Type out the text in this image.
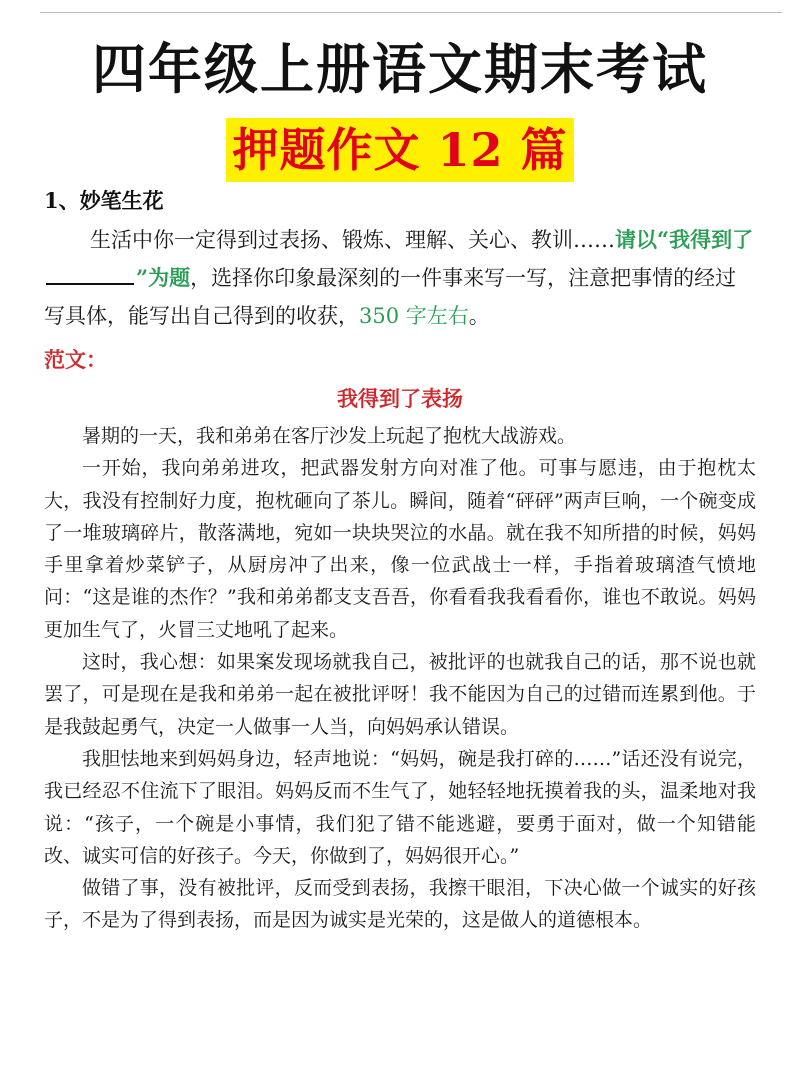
四年级上册语文期末考试
押题作文 12 篇
1、妙笔生花

生活中你一定得到过表扬、锻炼、理解、关心、教训……请以“我得到了”为题，选择你印象最深刻的一件事来写一写，注意把事情的经过写具体，能写出自己得到的收获，350 字左右。

范文：
我得到了表扬

暑期的一天，我和弟弟在客厅沙发上玩起了抱枕大战游戏。

一开始，我向弟弟进攻，把武器发射方向对准了他。可事与愿违，由于抱枕太大，我没有控制好力度，抱枕砸向了茶儿。瞬间，随着“砰砰”两声巨响，一个碗变成了一堆玻璃碎片，散落满地，宛如一块块哭泣的水晶。就在我不知所措的时候，妈妈手里拿着炒菜铲子，从厨房冲了出来，像一位武战士一样，手指着玻璃渣气愤地问：“这是谁的杰作？”我和弟弟都支支吾吾，你看看我我看看你，谁也不敢说。妈妈更加生气了，火冒三丈地吼了起来。

这时，我心想：如果案发现场就我自己，被批评的也就我自己的话，那不说也就罢了，可是现在是我和弟弟一起在被批评呀！我不能因为自己的过错而连累到他。于是我鼓起勇气，决定一人做事一人当，向妈妈承认错误。

我胆怯地来到妈妈身边，轻声地说：“妈妈，碗是我打碎的……”话还没有说完，我已经忍不住流下了眼泪。妈妈反而不生气了，她轻轻地抚摸着我的头，温柔地对我说：“孩子，一个碗是小事情，我们犯了错不能逃避，要勇于面对，做一个知错能改、诚实可信的好孩子。今天，你做到了，妈妈很开心。”

做错了事，没有被批评，反而受到表扬，我擦干眼泪，下决心做一个诚实的好孩子，不是为了得到表扬，而是因为诚实是光荣的，这是做人的道德根本。
